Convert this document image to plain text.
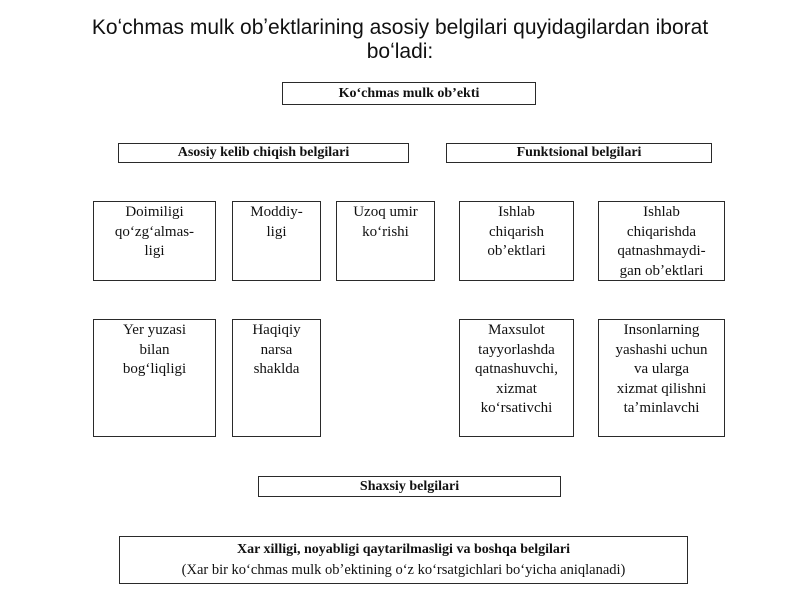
Koʻchmas mulk obʼektlarining asosiy belgilari quyidagilardan iborat
boʻladi:
Koʻchmas mulk obʼekti
Asosiy kelib chiqish belgilari	Funktsional belgilari
Doimiligi
qoʻzgʻalmas-
ligi
Moddiy-
ligi
Uzoq umir
koʻrishi
Yer yuzasi
bilan
bogʻliqligi
Haqiqiy
narsa
shaklda
Ishlab
chiqarish
obʼektlari
Ishlab
chiqarishda
qatnashmaydi-
gan obʼektlari
Maxsulot
tayyorlashda
qatnashuvchi,
xizmat
koʻrsativchi
Insonlarning
yashashi uchun
va ularga
xizmat qilishni
taʼminlavchi
Shaxsiy belgilari
Xar xilligi, noyabligi qaytarilmasligi va boshqa belgilari
(Xar bir koʻchmas mulk obʼektining oʻz koʻrsatgichlari boʻyicha aniqlanadi)
